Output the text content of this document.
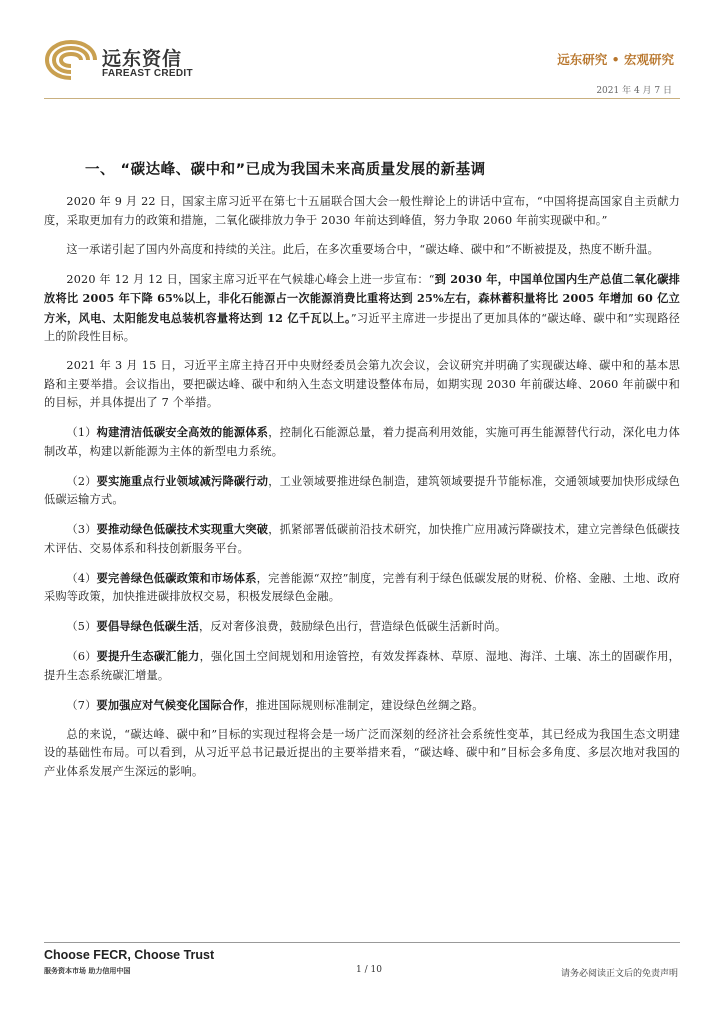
远东资信
FAREAST CREDIT
远东研究 • 宏观研究
2021 年 4 月 7 日
一、 “碳达峰、碳中和”已成为我国未来高质量发展的新基调

2020 年 9 月 22 日，国家主席习近平在第七十五届联合国大会一般性辩论上的讲话中宣布，“中国将提高国家自主贡献力度，采取更加有力的政策和措施，二氧化碳排放力争于 2030 年前达到峰值，努力争取 2060 年前实现碳中和。”

这一承诺引起了国内外高度和持续的关注。此后，在多次重要场合中，“碳达峰、碳中和”不断被提及，热度不断升温。

2020 年 12 月 12 日，国家主席习近平在气候雄心峰会上进一步宣布：“到 2030 年，中国单位国内生产总值二氧化碳排放将比 2005 年下降 65%以上，非化石能源占一次能源消费比重将达到 25%左右，森林蓄积量将比 2005 年增加 60 亿立方米，风电、太阳能发电总装机容量将达到 12 亿千瓦以上。”习近平主席进一步提出了更加具体的“碳达峰、碳中和”实现路径上的阶段性目标。

2021 年 3 月 15 日，习近平主席主持召开中央财经委员会第九次会议，会议研究并明确了实现碳达峰、碳中和的基本思路和主要举措。会议指出，要把碳达峰、碳中和纳入生态文明建设整体布局，如期实现 2030 年前碳达峰、2060 年前碳中和的目标，并具体提出了 7 个举措。

（1）构建清洁低碳安全高效的能源体系，控制化石能源总量，着力提高利用效能，实施可再生能源替代行动，深化电力体制改革，构建以新能源为主体的新型电力系统。

（2）要实施重点行业领域减污降碳行动，工业领域要推进绿色制造，建筑领域要提升节能标准，交通领域要加快形成绿色低碳运输方式。

（3）要推动绿色低碳技术实现重大突破，抓紧部署低碳前沿技术研究，加快推广应用减污降碳技术，建立完善绿色低碳技术评估、交易体系和科技创新服务平台。

（4）要完善绿色低碳政策和市场体系，完善能源“双控”制度，完善有利于绿色低碳发展的财税、价格、金融、土地、政府采购等政策，加快推进碳排放权交易，积极发展绿色金融。

（5）要倡导绿色低碳生活，反对奢侈浪费，鼓励绿色出行，营造绿色低碳生活新时尚。

（6）要提升生态碳汇能力，强化国土空间规划和用途管控，有效发挥森林、草原、湿地、海洋、土壤、冻土的固碳作用，提升生态系统碳汇增量。

（7）要加强应对气候变化国际合作，推进国际规则标准制定，建设绿色丝绸之路。

总的来说，“碳达峰、碳中和”目标的实现过程将会是一场广泛而深刻的经济社会系统性变革，其已经成为我国生态文明建设的基础性布局。可以看到，从习近平总书记最近提出的主要举措来看，“碳达峰、碳中和”目标会多角度、多层次地对我国的产业体系发展产生深远的影响。

Choose FECR, Choose Trust
服务资本市场 助力信用中国	1 / 10	请务必阅读正文后的免责声明
